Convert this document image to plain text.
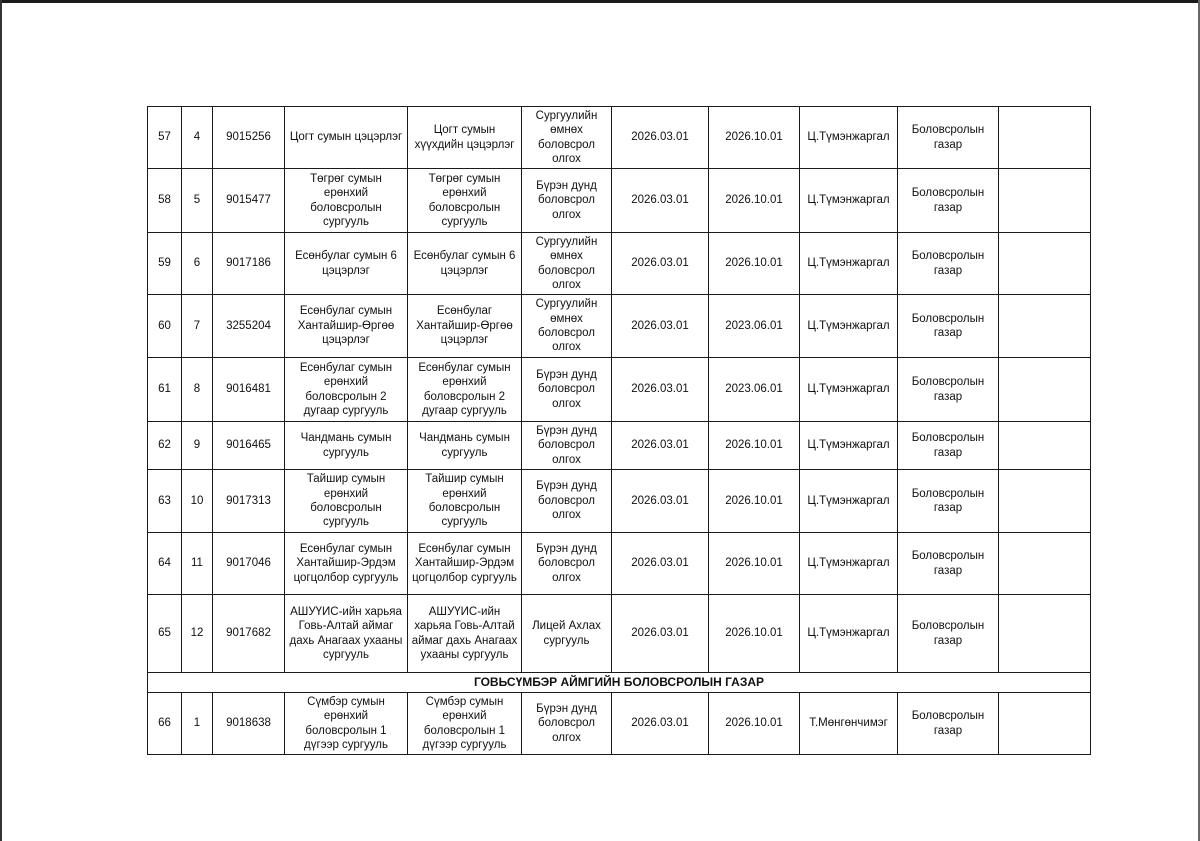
57	4	9015256	Цогт сумын цэцэрлэг	Цогт сумын хүүхдийн цэцэрлэг	Сургуулийн өмнөх боловсрол олгох	2026.03.01	2026.10.01	Ц.Түмэнжаргал	Боловсролын газар	
58	5	9015477	Төгрөг сумын ерөнхий боловсролын сургууль	Төгрөг сумын ерөнхий боловсролын сургууль	Бүрэн дунд боловсрол олгох	2026.03.01	2026.10.01	Ц.Түмэнжаргал	Боловсролын газар	
59	6	9017186	Есөнбулаг сумын 6 цэцэрлэг	Есөнбулаг сумын 6 цэцэрлэг	Сургуулийн өмнөх боловсрол олгох	2026.03.01	2026.10.01	Ц.Түмэнжаргал	Боловсролын газар	
60	7	3255204	Есөнбулаг сумын Хантайшир-Өргөө цэцэрлэг	Есөнбулаг Хантайшир-Өргөө цэцэрлэг	Сургуулийн өмнөх боловсрол олгох	2026.03.01	2023.06.01	Ц.Түмэнжаргал	Боловсролын газар	
61	8	9016481	Есөнбулаг сумын ерөнхий боловсролын 2 дугаар сургууль	Есөнбулаг сумын ерөнхий боловсролын 2 дугаар сургууль	Бүрэн дунд боловсрол олгох	2026.03.01	2023.06.01	Ц.Түмэнжаргал	Боловсролын газар	
62	9	9016465	Чандмань сумын сургууль	Чандмань сумын сургууль	Бүрэн дунд боловсрол олгох	2026.03.01	2026.10.01	Ц.Түмэнжаргал	Боловсролын газар	
63	10	9017313	Тайшир сумын ерөнхий боловсролын сургууль	Тайшир сумын ерөнхий боловсролын сургууль	Бүрэн дунд боловсрол олгох	2026.03.01	2026.10.01	Ц.Түмэнжаргал	Боловсролын газар	
64	11	9017046	Есөнбулаг сумын Хантайшир-Эрдэм цогцолбор сургууль	Есөнбулаг сумын Хантайшир-Эрдэм цогцолбор сургууль	Бүрэн дунд боловсрол олгох	2026.03.01	2026.10.01	Ц.Түмэнжаргал	Боловсролын газар	
65	12	9017682	АШУҮИС-ийн харьяа Говь-Алтай аймаг дахь Анагаах ухааны сургууль	АШУҮИС-ийн харьяа Говь-Алтай аймаг дахь Анагаах ухааны сургууль	Лицей Ахлах сургууль	2026.03.01	2026.10.01	Ц.Түмэнжаргал	Боловсролын газар	
ГОВЬСҮМБЭР АЙМГИЙН БОЛОВСРОЛЫН ГАЗАР										
66	1	9018638	Сүмбэр сумын ерөнхий боловсролын 1 дүгээр сургууль	Сүмбэр сумын ерөнхий боловсролын 1 дүгээр сургууль	Бүрэн дунд боловсрол олгох	2026.03.01	2026.10.01	Т.Мөнгөнчимэг	Боловсролын газар	
